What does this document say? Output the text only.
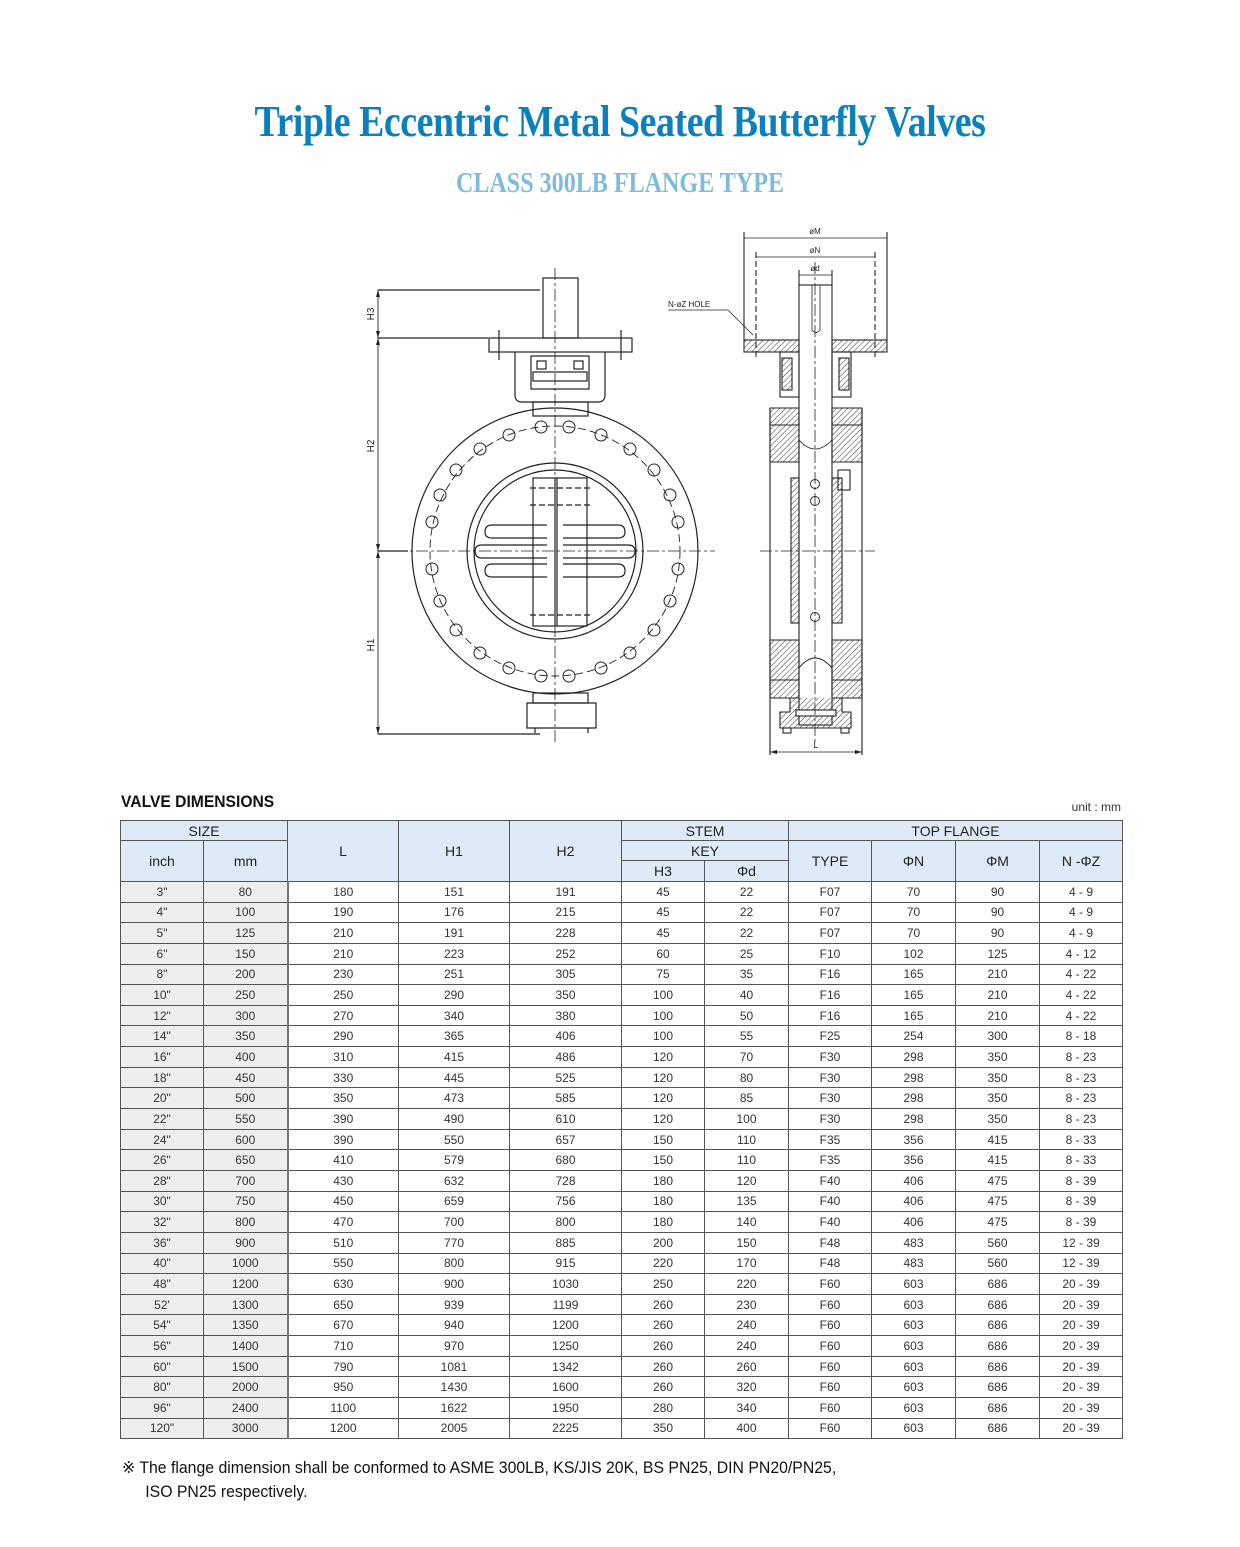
Triple Eccentric Metal Seated Butterfly Valves
CLASS 300LB FLANGE TYPE
H3
H2
H1
øM
øN
ød
N-øZ HOLE
L
VALVE DIMENSIONS	unit : mm
SIZE		L	H1	H2	STEM		TOP FLANGE			
inch	mm				KEY		TYPE	ΦN	ΦM	N -ΦZ
					H3	Φd				
3"	80	180	151	191	45	22	F07	70	90	4 - 9
4"	100	190	176	215	45	22	F07	70	90	4 - 9
5"	125	210	191	228	45	22	F07	70	90	4 - 9
6"	150	210	223	252	60	25	F10	102	125	4 - 12
8"	200	230	251	305	75	35	F16	165	210	4 - 22
10"	250	250	290	350	100	40	F16	165	210	4 - 22
12"	300	270	340	380	100	50	F16	165	210	4 - 22
14"	350	290	365	406	100	55	F25	254	300	8 - 18
16"	400	310	415	486	120	70	F30	298	350	8 - 23
18"	450	330	445	525	120	80	F30	298	350	8 - 23
20"	500	350	473	585	120	85	F30	298	350	8 - 23
22"	550	390	490	610	120	100	F30	298	350	8 - 23
24"	600	390	550	657	150	110	F35	356	415	8 - 33
26"	650	410	579	680	150	110	F35	356	415	8 - 33
28"	700	430	632	728	180	120	F40	406	475	8 - 39
30"	750	450	659	756	180	135	F40	406	475	8 - 39
32"	800	470	700	800	180	140	F40	406	475	8 - 39
36"	900	510	770	885	200	150	F48	483	560	12 - 39
40"	1000	550	800	915	220	170	F48	483	560	12 - 39
48"	1200	630	900	1030	250	220	F60	603	686	20 - 39
52'	1300	650	939	1199	260	230	F60	603	686	20 - 39
54"	1350	670	940	1200	260	240	F60	603	686	20 - 39
56"	1400	710	970	1250	260	240	F60	603	686	20 - 39
60"	1500	790	1081	1342	260	260	F60	603	686	20 - 39
80"	2000	950	1430	1600	260	320	F60	603	686	20 - 39
96"	2400	1100	1622	1950	280	340	F60	603	686	20 - 39
120"	3000	1200	2005	2225	350	400	F60	603	686	20 - 39
※ The flange dimension shall be conformed to ASME 300LB, KS/JIS 20K, BS PN25, DIN PN20/PN25,
ISO PN25 respectively.
